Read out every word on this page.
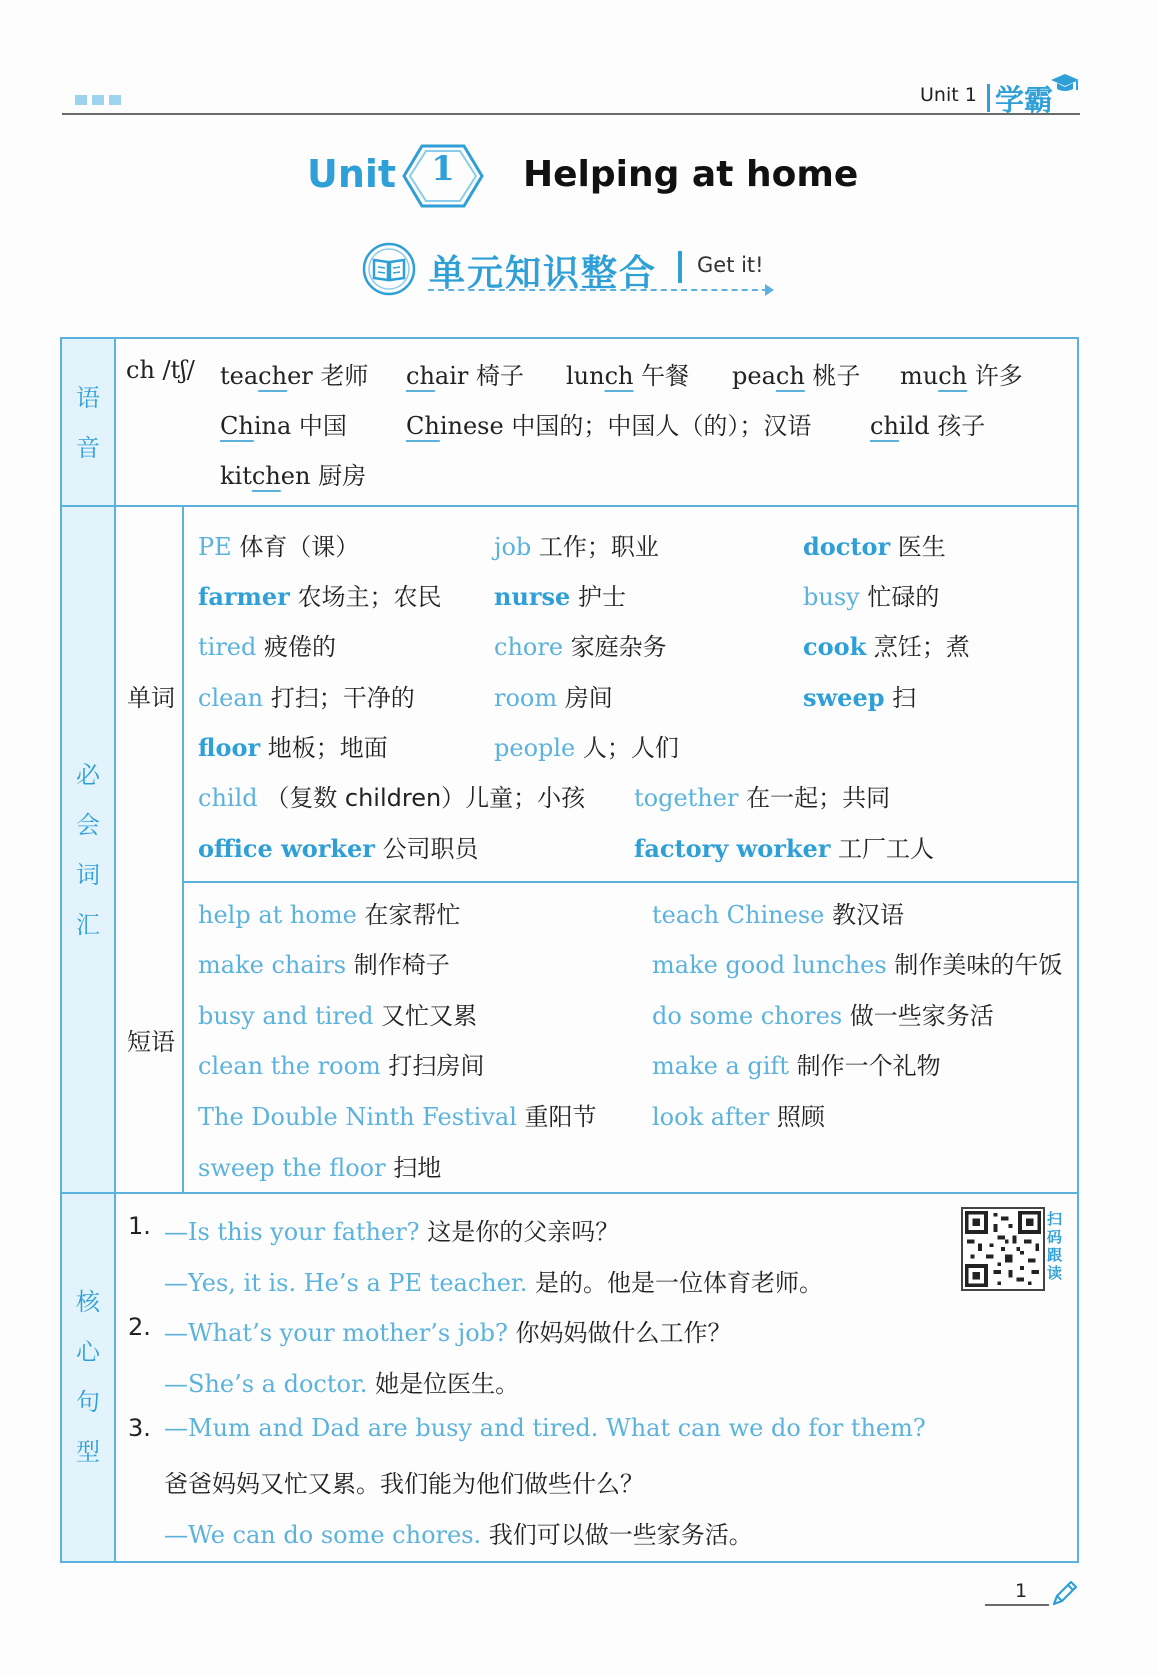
Unit 1 学霸
Unit	1	Helping at home
单元知识整合 Get it!
语
音
必
会
词
汇
核
心
句
型
单词
短语
ch /tʃ/ teacher 老师 chair 椅子 lunch 午餐 peach 桃子 much 许多
China 中国 Chinese 中国的；中国人（的）；汉语 child 孩子
kitchen 厨房
PE 体育（课）	job 工作；职业	doctor 医生
farmer 农场主；农民 nurse 护士	busy 忙碌的
tired 疲倦的	chore 家庭杂务	cook 烹饪；煮
clean 打扫；干净的	room 房间	sweep 扫
floor 地板；地面	people 人；人们
child （复数 children）儿童；小孩 together 在一起；共同
office worker 公司职员	factory worker 工厂工人
help at home 在家帮忙	teach Chinese 教汉语
make chairs 制作椅子	make good lunches 制作美味的午饭
busy and tired 又忙又累	do some chores 做一些家务活
clean the room 打扫房间	make a gift 制作一个礼物
The Double Ninth Festival 重阳节 look after 照顾
sweep the floor 扫地
1. —Is this your father? 这是你的父亲吗？
—Yes, it is. He’s a PE teacher. 是的。他是一位体育老师。
2. —What’s your mother’s job? 你妈妈做什么工作？
—She’s a doctor. 她是位医生。
3. —Mum and Dad are busy and tired. What can we do for them?
爸爸妈妈又忙又累。我们能为他们做些什么？
—We can do some chores. 我们可以做一些家务活。
扫码跟读
1
